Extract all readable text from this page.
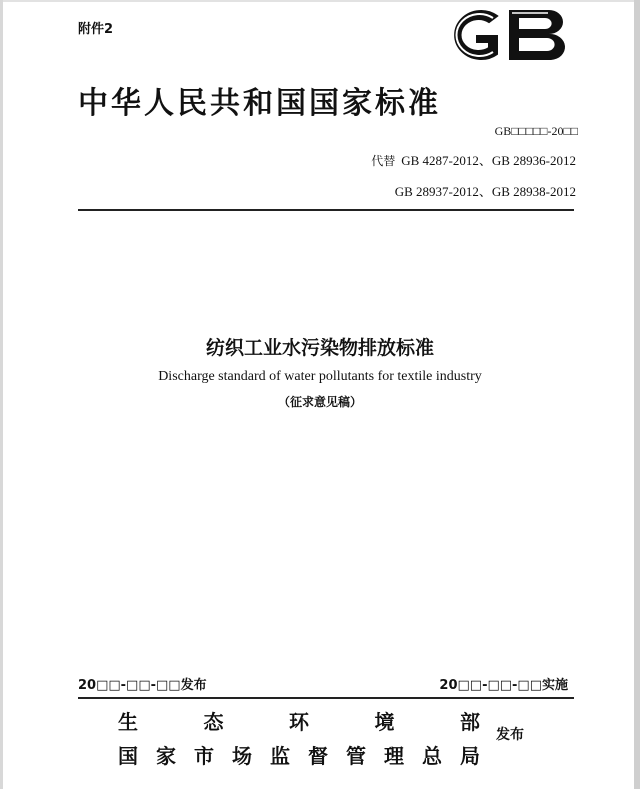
附件2
中华人民共和国国家标准
GB□□□□□-20□□
代替 GB 4287-2012、GB 28936-2012
GB 28937-2012、GB 28938-2012
纺织工业水污染物排放标准
Discharge standard of water pollutants for textile industry
（征求意见稿）
20□□-□□-□□发布	20□□-□□-□□实施
生	态	环	境	部
国 家 市 场 监 督 管 理 总 局
发布
